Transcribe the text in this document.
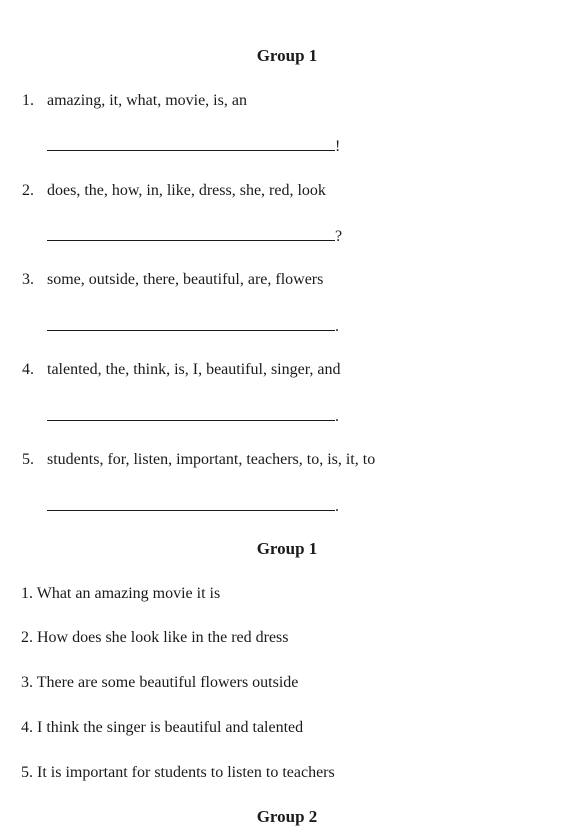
Group 1
1. amazing, it, what, movie, is, an
!
2. does, the, how, in, like, dress, she, red, look
?
3. some, outside, there, beautiful, are, flowers
.
4. talented, the, think, is, I, beautiful, singer, and
.
5. students, for, listen, important, teachers, to, is, it, to
.
Group 1
1. What an amazing movie it is
2. How does she look like in the red dress
3. There are some beautiful flowers outside
4. I think the singer is beautiful and talented
5. It is important for students to listen to teachers
Group 2
